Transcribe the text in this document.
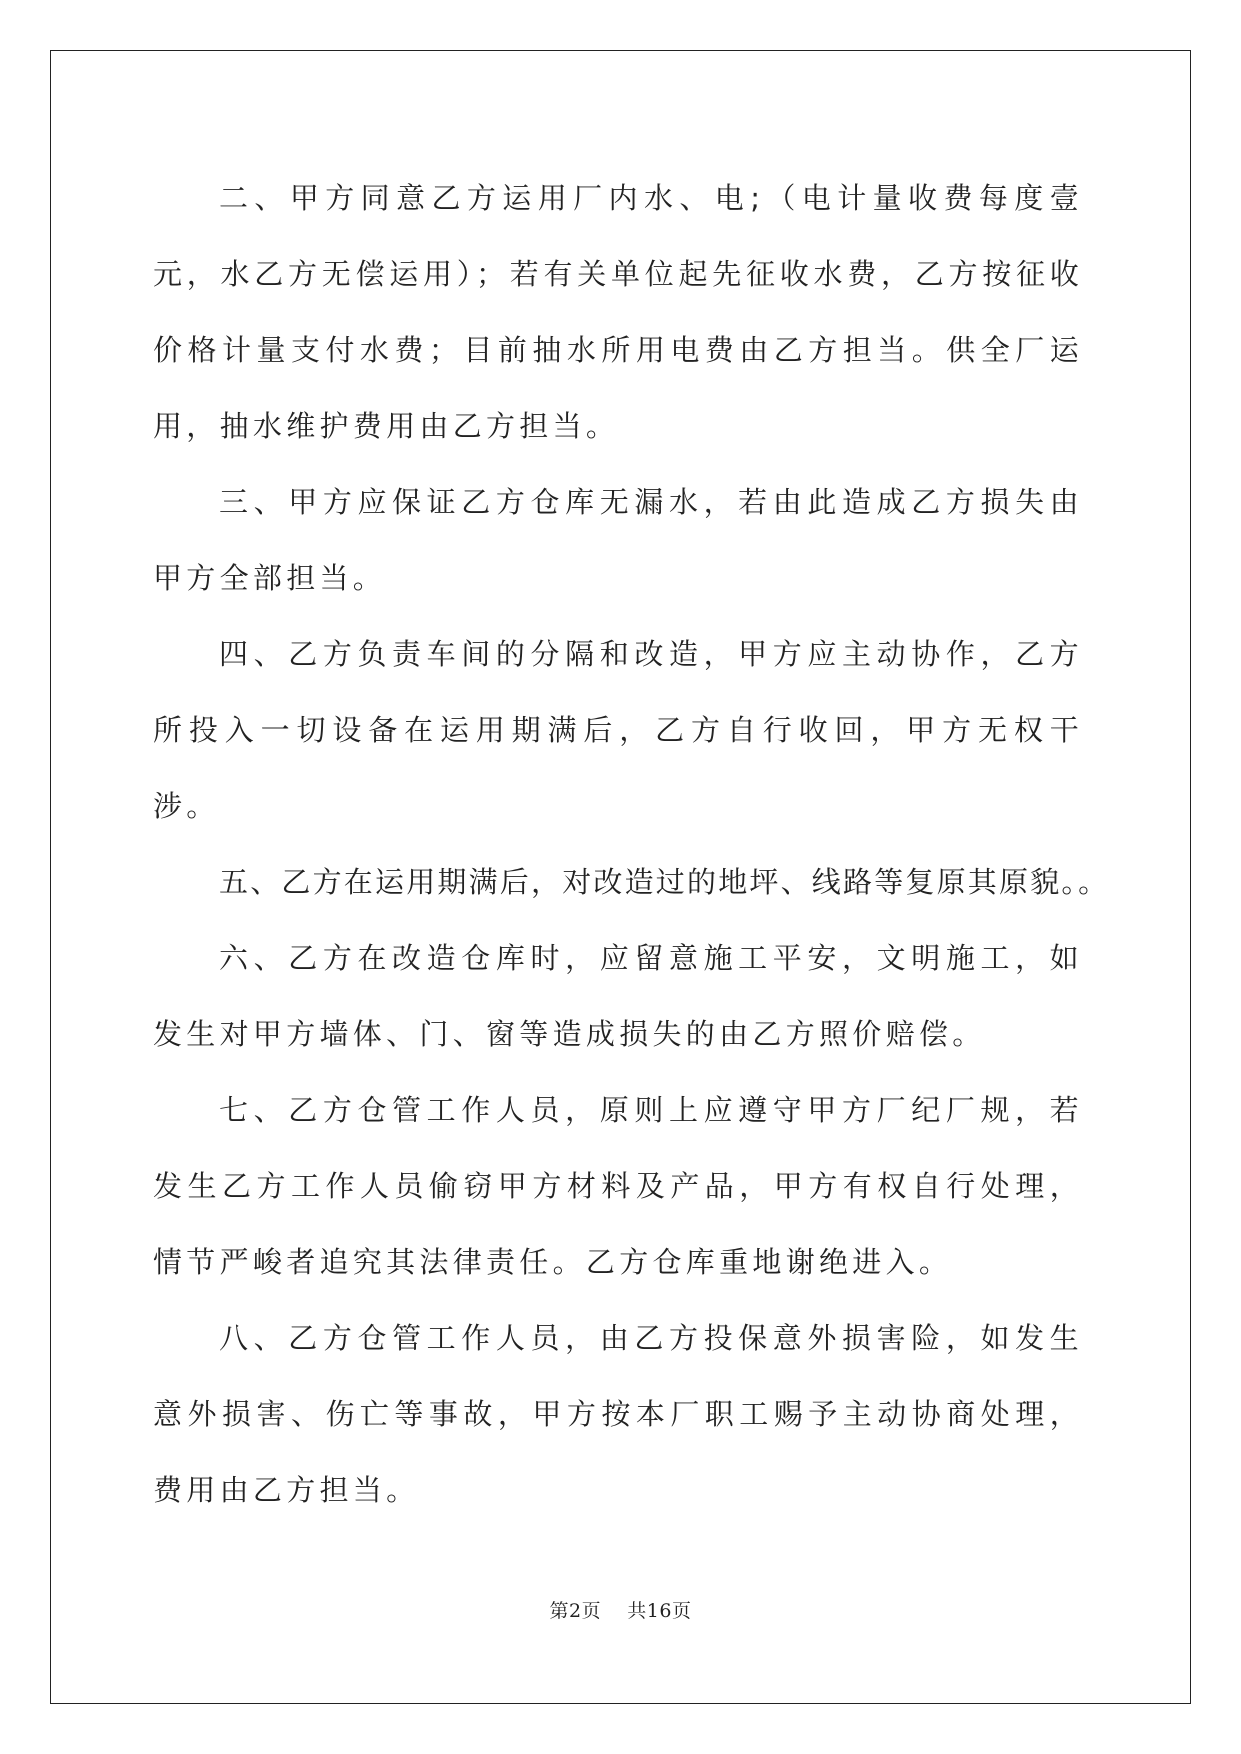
二、甲方同意乙方运用厂内水、电;（电计量收费每度壹元，水乙方无偿运用）；若有关单位起先征收水费，乙方按征收价格计量支付水费；目前抽水所用电费由乙方担当。供全厂运用，抽水维护费用由乙方担当。

三、甲方应保证乙方仓库无漏水，若由此造成乙方损失由甲方全部担当。

四、乙方负责车间的分隔和改造，甲方应主动协作，乙方所投入一切设备在运用期满后，乙方自行收回，甲方无权干涉。

五、乙方在运用期满后，对改造过的地坪、线路等复原其原貌。。

六、乙方在改造仓库时，应留意施工平安，文明施工，如发生对甲方墙体、门、窗等造成损失的由乙方照价赔偿。

七、乙方仓管工作人员，原则上应遵守甲方厂纪厂规，若发生乙方工作人员偷窃甲方材料及产品，甲方有权自行处理，情节严峻者追究其法律责任。乙方仓库重地谢绝进入。

八、乙方仓管工作人员，由乙方投保意外损害险，如发生意外损害、伤亡等事故，甲方按本厂职工赐予主动协商处理，费用由乙方担当。

第2页 共16页
